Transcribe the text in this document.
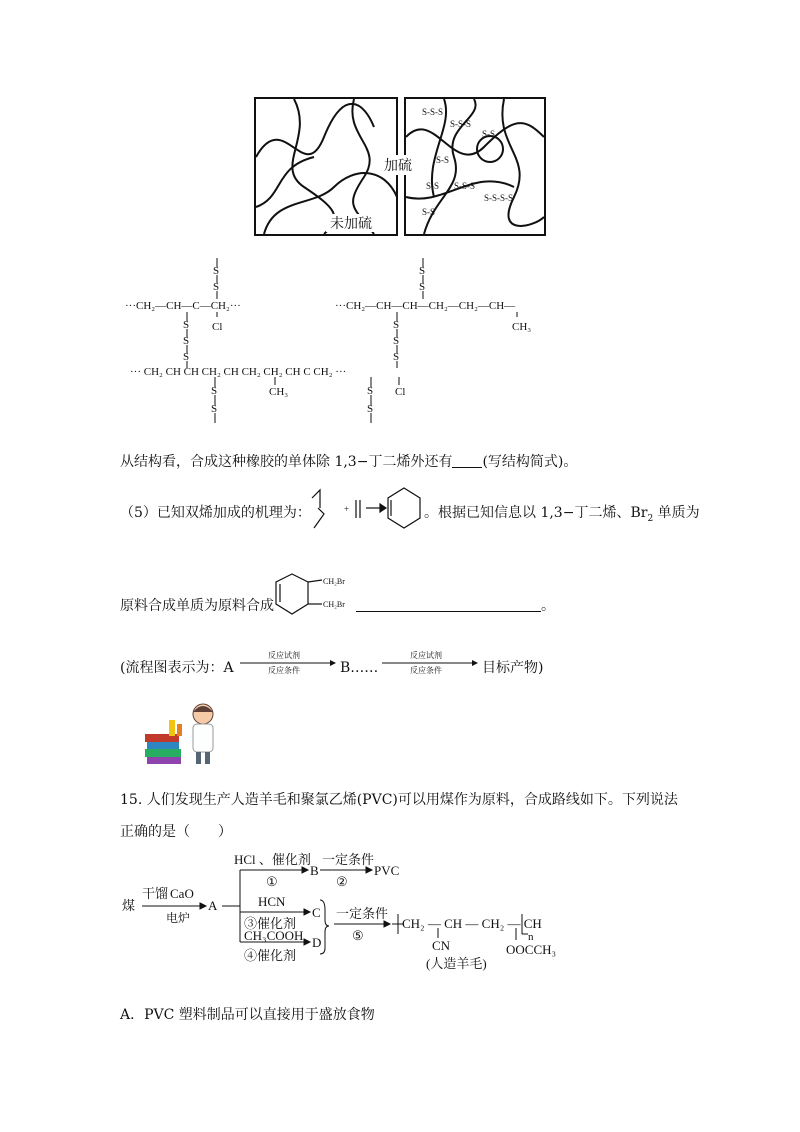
S-S-S
S-S-S
S-S
S-S
S-S S-S-S
S-S-S-S
S-S
加硫
未加硫
S
S
S
S
···CH₂—CH—C—CH₂···	···CH₂—CH—CH—CH₂—CH₂—CH—
Cl	CH₃
S
S
S
S
S
S
··· CH₂ CH CH CH₂ CH CH₂ CH₂ CH C CH₂ ···
CH₃	Cl
S
S
S
S
从结构看，合成这种橡胶的单体除 1,3−丁二烯外还有 (写结构简式)。
（5）已知双烯加成的机理为：	+	。根据已知信息以 1,3−丁二烯、$Br_2$ 单质为
原料合成单质为原料合成
CH₂Br
CH₂Br	。
(流程图表示为：A
反应试剂
反应条件	B……
反应试剂
反应条件	目标产物)
15. 人们发现生产人造羊毛和聚氯乙烯(PVC)可以用煤作为原料，合成路线如下。下列说法
正确的是（　　）
煤
干馏 CaO
电炉
A
HCl 、催化剂
①
B
一定条件
②
PVC
HCN
C
③催化剂
CH₃COOH D
④催化剂
一定条件
⑤
CH₂ — CH — CH₂ — CH
CN
n
OOCCH₃
(人造羊毛)
A．PVC 塑料制品可以直接用于盛放食物
